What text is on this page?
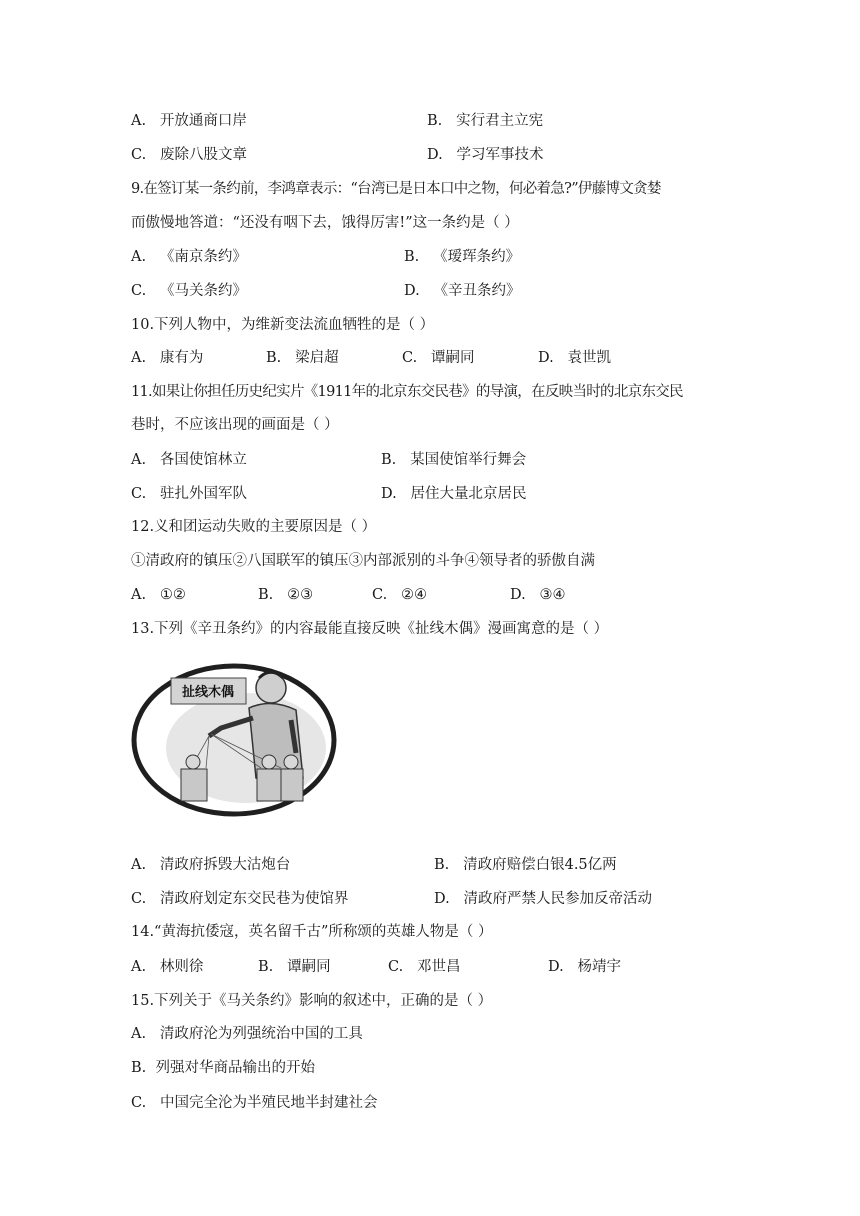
A. 开放通商口岸	B. 实行君主立宪
C. 废除八股文章	D. 学习军事技术
9.在签订某一条约前，李鸿章表示：“台湾已是日本口中之物，何必着急?”伊藤博文贪婪
而傲慢地答道：“还没有咽下去，饿得厉害!”这一条约是（ ）
A. 《南京条约》	B. 《瑷珲条约》
C. 《马关条约》	D. 《辛丑条约》
10.下列人物中，为维新变法流血牺牲的是（ ）
A. 康有为	B. 梁启超	C. 谭嗣同	D. 袁世凯
11.如果让你担任历史纪实片《1911年的北京东交民巷》的导演，在反映当时的北京东交民
巷时，不应该出现的画面是（ ）
A. 各国使馆林立	B. 某国使馆举行舞会
C. 驻扎外国军队	D. 居住大量北京居民
12.义和团运动失败的主要原因是（ ）
①清政府的镇压②八国联军的镇压③内部派别的斗争④领导者的骄傲自满
A. ①②	B. ②③	C. ②④	D. ③④
13.下列《辛丑条约》的内容最能直接反映《扯线木偶》漫画寓意的是（ ）
扯线木偶
A. 清政府拆毁大沽炮台	B. 清政府赔偿白银4.5亿两
C. 清政府划定东交民巷为使馆界	D. 清政府严禁人民参加反帝活动
14.“黄海抗倭寇，英名留千古”所称颂的英雄人物是（ ）
A. 林则徐	B. 谭嗣同	C. 邓世昌	D. 杨靖宇
15.下列关于《马关条约》影响的叙述中，正确的是（ ）
A. 清政府沦为列强统治中国的工具
B. 列强对华商品输出的开始
C. 中国完全沦为半殖民地半封建社会
